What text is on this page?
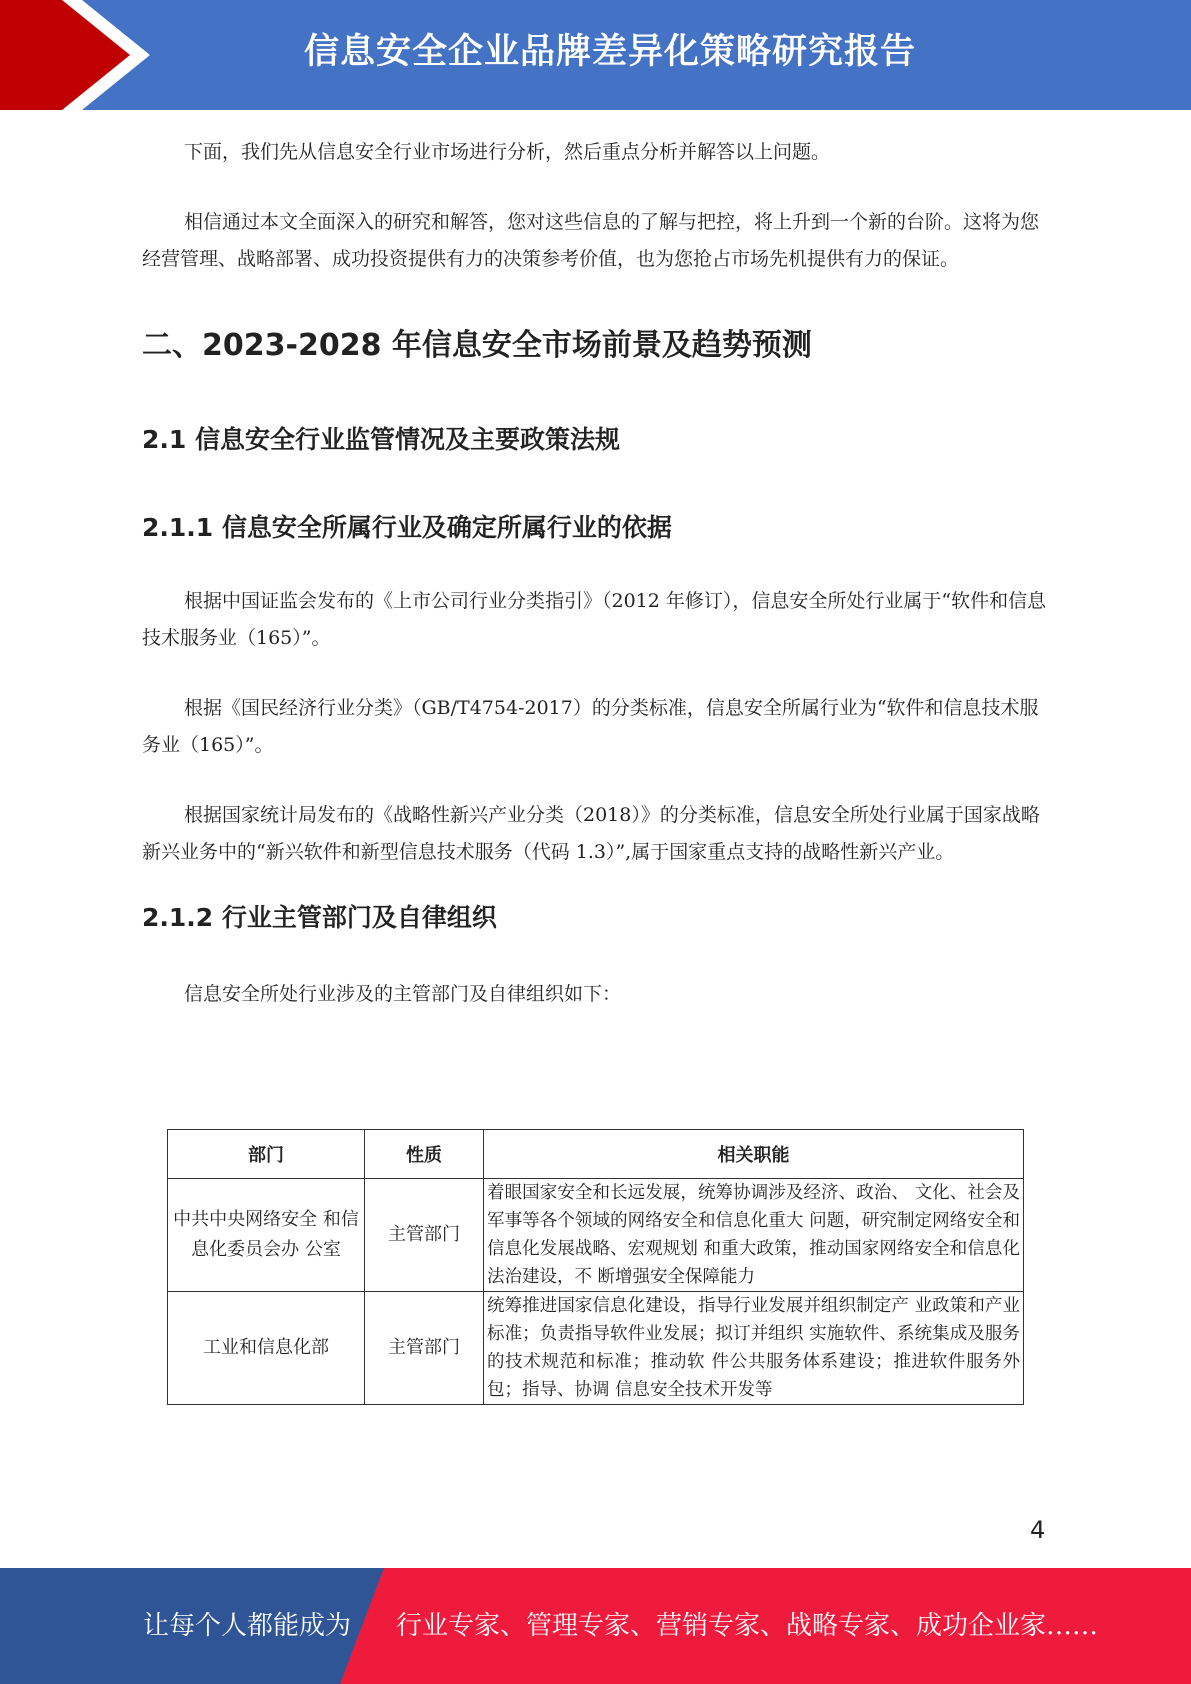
信息安全企业品牌差异化策略研究报告

下面，我们先从信息安全行业市场进行分析，然后重点分析并解答以上问题。

相信通过本文全面深入的研究和解答，您对这些信息的了解与把控，将上升到一个新的台阶。这将为您经营管理、战略部署、成功投资提供有力的决策参考价值，也为您抢占市场先机提供有力的保证。

二、2023-2028 年信息安全市场前景及趋势预测
2.1 信息安全行业监管情况及主要政策法规
2.1.1 信息安全所属行业及确定所属行业的依据

根据中国证监会发布的《上市公司行业分类指引》（2012 年修订），信息安全所处行业属于“软件和信息技术服务业（165）”。

根据《国民经济行业分类》（GB/T4754-2017）的分类标准，信息安全所属行业为“软件和信息技术服务业（165）”。

根据国家统计局发布的《战略性新兴产业分类（2018）》的分类标准，信息安全所处行业属于国家战略新兴业务中的“新兴软件和新型信息技术服务（代码 1.3）”,属于国家重点支持的战略性新兴产业。

2.1.2 行业主管部门及自律组织

信息安全所处行业涉及的主管部门及自律组织如下：

部门	性质	相关职能
中共中央网络安全 和信息化委员会办 公室	主管部门	着眼国家安全和长远发展，统筹协调涉及经济、政治、 文化、社会及军事等各个领域的网络安全和信息化重大 问题，研究制定网络安全和信息化发展战略、宏观规划 和重大政策，推动国家网络安全和信息化法治建设，不 断增强安全保障能力
工业和信息化部	主管部门	统筹推进国家信息化建设，指导行业发展并组织制定产 业政策和产业标准；负责指导软件业发展；拟订并组织 实施软件、系统集成及服务的技术规范和标准；推动软 件公共服务体系建设；推进软件服务外包；指导、协调 信息安全技术开发等
4
让每个人都能成为 行业专家、管理专家、营销专家、战略专家、成功企业家……
